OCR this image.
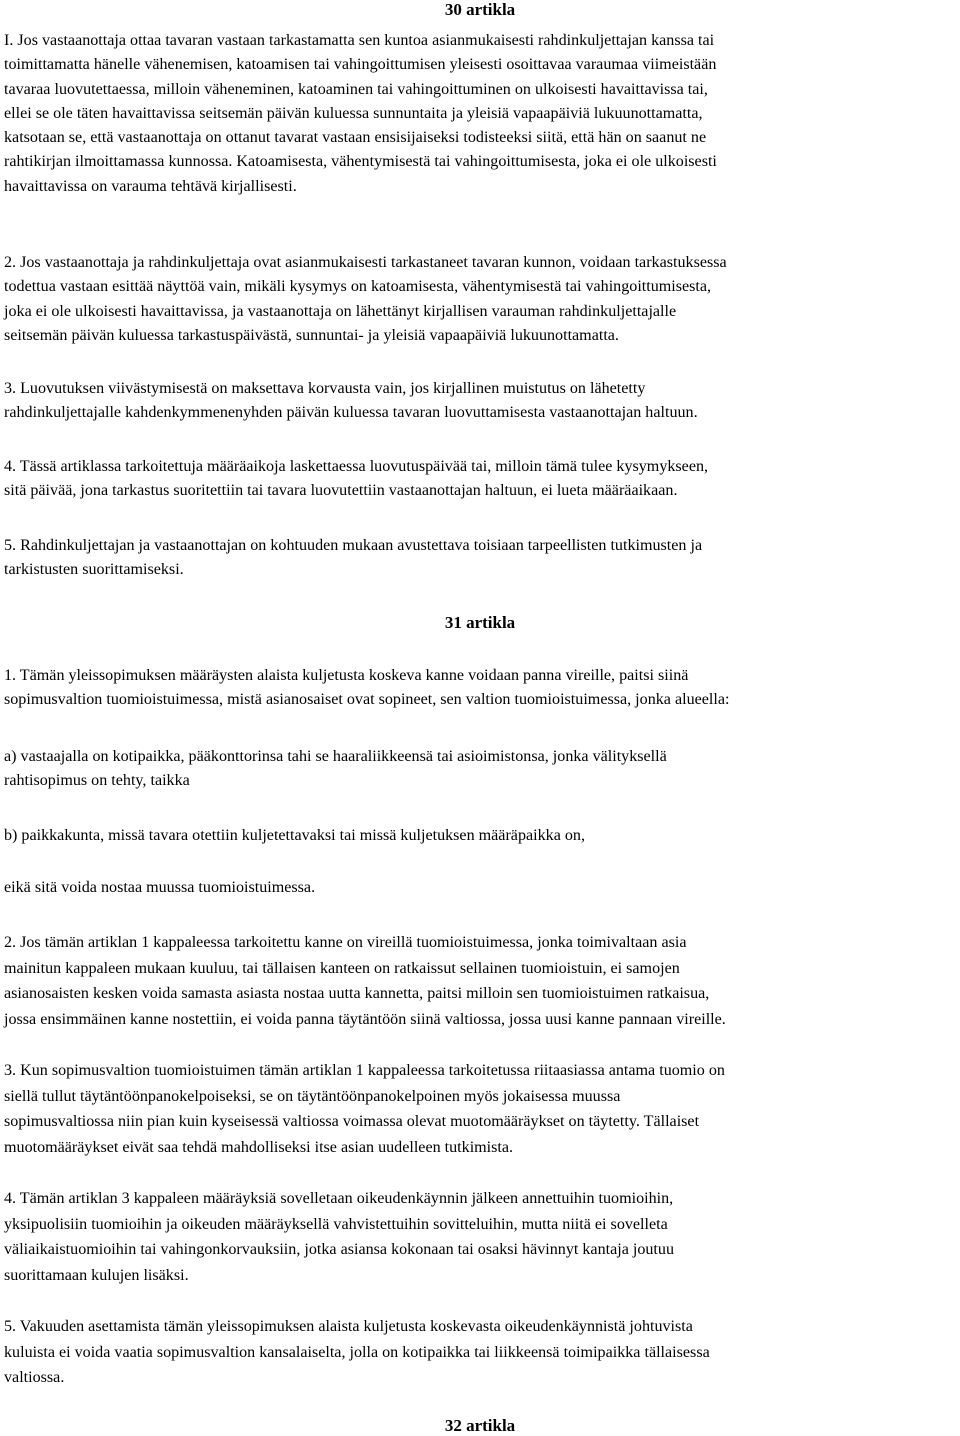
30 artikla

I. Jos vastaanottaja ottaa tavaran vastaan tarkastamatta sen kuntoa asianmukaisesti rahdinkuljettajan kanssa tai
toimittamatta hänelle vähenemisen, katoamisen tai vahingoittumisen yleisesti osoittavaa varaumaa viimeistään
tavaraa luovutettaessa, milloin väheneminen, katoaminen tai vahingoittuminen on ulkoisesti havaittavissa tai,
ellei se ole täten havaittavissa seitsemän päivän kuluessa sunnuntaita ja yleisiä vapaapäiviä lukuunottamatta,
katsotaan se, että vastaanottaja on ottanut tavarat vastaan ensisijaiseksi todisteeksi siitä, että hän on saanut ne
rahtikirjan ilmoittamassa kunnossa. Katoamisesta, vähentymisestä tai vahingoittumisesta, joka ei ole ulkoisesti
havaittavissa on varauma tehtävä kirjallisesti.

2. Jos vastaanottaja ja rahdinkuljettaja ovat asianmukaisesti tarkastaneet tavaran kunnon, voidaan tarkastuksessa
todettua vastaan esittää näyttöä vain, mikäli kysymys on katoamisesta, vähentymisestä tai vahingoittumisesta,
joka ei ole ulkoisesti havaittavissa, ja vastaanottaja on lähettänyt kirjallisen varauman rahdinkuljettajalle
seitsemän päivän kuluessa tarkastuspäivästä, sunnuntai- ja yleisiä vapaapäiviä lukuunottamatta.

3. Luovutuksen viivästymisestä on maksettava korvausta vain, jos kirjallinen muistutus on lähetetty
rahdinkuljettajalle kahdenkymmenenyhden päivän kuluessa tavaran luovuttamisesta vastaanottajan haltuun.

4. Tässä artiklassa tarkoitettuja määräaikoja laskettaessa luovutuspäivää tai, milloin tämä tulee kysymykseen,
sitä päivää, jona tarkastus suoritettiin tai tavara luovutettiin vastaanottajan haltuun, ei lueta määräaikaan.

5. Rahdinkuljettajan ja vastaanottajan on kohtuuden mukaan avustettava toisiaan tarpeellisten tutkimusten ja
tarkistusten suorittamiseksi.

31 artikla

1. Tämän yleissopimuksen määräysten alaista kuljetusta koskeva kanne voidaan panna vireille, paitsi siinä
sopimusvaltion tuomioistuimessa, mistä asianosaiset ovat sopineet, sen valtion tuomioistuimessa, jonka alueella:

a) vastaajalla on kotipaikka, pääkonttorinsa tahi se haaraliikkeensä tai asioimistonsa, jonka välityksellä
rahtisopimus on tehty, taikka

b) paikkakunta, missä tavara otettiin kuljetettavaksi tai missä kuljetuksen määräpaikka on,

eikä sitä voida nostaa muussa tuomioistuimessa.

2. Jos tämän artiklan 1 kappaleessa tarkoitettu kanne on vireillä tuomioistuimessa, jonka toimivaltaan asia
mainitun kappaleen mukaan kuuluu, tai tällaisen kanteen on ratkaissut sellainen tuomioistuin, ei samojen
asianosaisten kesken voida samasta asiasta nostaa uutta kannetta, paitsi milloin sen tuomioistuimen ratkaisua,
jossa ensimmäinen kanne nostettiin, ei voida panna täytäntöön siinä valtiossa, jossa uusi kanne pannaan vireille.

3. Kun sopimusvaltion tuomioistuimen tämän artiklan 1 kappaleessa tarkoitetussa riitaasiassa antama tuomio on
siellä tullut täytäntöönpanokelpoiseksi, se on täytäntöönpanokelpoinen myös jokaisessa muussa
sopimusvaltiossa niin pian kuin kyseisessä valtiossa voimassa olevat muotomääräykset on täytetty. Tällaiset
muotomääräykset eivät saa tehdä mahdolliseksi itse asian uudelleen tutkimista.

4. Tämän artiklan 3 kappaleen määräyksiä sovelletaan oikeudenkäynnin jälkeen annettuihin tuomioihin,
yksipuolisiin tuomioihin ja oikeuden määräyksellä vahvistettuihin sovitteluihin, mutta niitä ei sovelleta
väliaikaistuomioihin tai vahingonkorvauksiin, jotka asiansa kokonaan tai osaksi hävinnyt kantaja joutuu
suorittamaan kulujen lisäksi.

5. Vakuuden asettamista tämän yleissopimuksen alaista kuljetusta koskevasta oikeudenkäynnistä johtuvista
kuluista ei voida vaatia sopimusvaltion kansalaiselta, jolla on kotipaikka tai liikkeensä toimipaikka tällaisessa
valtiossa.

32 artikla
